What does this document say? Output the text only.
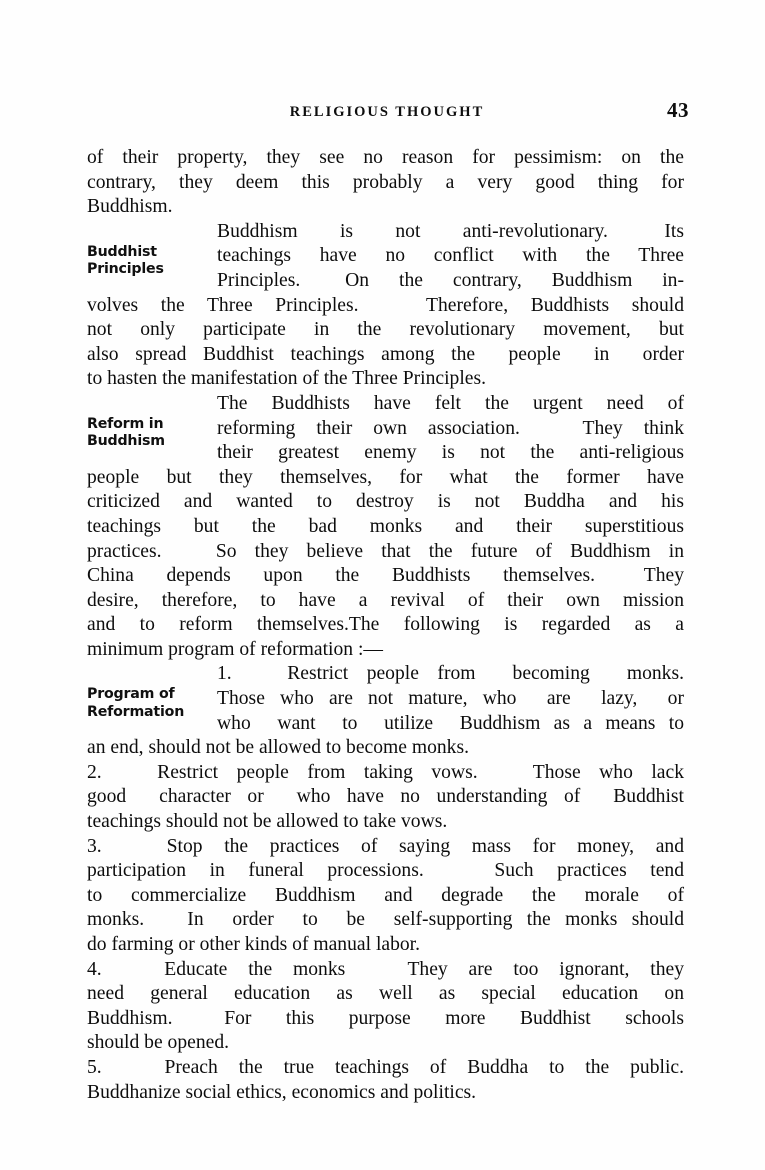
RELIGIOUS THOUGHT	43

of their property, they see no reason for pessimism: on the
contrary,  they  deem  this  probably  a  very  good  thing  for
Buddhism.

Buddhist
Principles
Buddhism   is   not   anti-revolutionary.    Its
teachings  have  no  conflict  with  the  Three
Principles.   On  the  contrary,  Buddhism  in-
volves the Three Principles.   Therefore, Buddhists should
not  only  participate  in  the  revolutionary  movement,  but
also spread Buddhist teachings among the  people  in  order
to hasten the manifestation of the Three Principles.
Reform in
Buddhism
The Buddhists have felt the urgent need of
reforming their own association.   They think
their greatest enemy is not the anti-religious
people  but  they  themselves,  for  what  the  former  have
criticized  and  wanted  to  destroy  is  not  Buddha  and  his
teachings  but  the  bad  monks  and  their  superstitious
practices.   So they believe that the future of Buddhism in
China  depends  upon  the  Buddhists  themselves.   They
desire,  therefore,  to  have  a  revival  of  their  own  mission
and  to  reform  themselves.The  following  is  regarded  as  a
minimum program of reformation :—
Program of
Reformation
1.   Restrict people from  becoming  monks.
Those who are not mature, who  are  lazy,  or
who  want  to  utilize  Buddhism as a means to
an end, should not be allowed to become monks.

2.   Restrict people from taking vows.   Those who lack
good  character or  who have no understanding of  Buddhist
teachings should not be allowed to take vows.

3.   Stop the practices of saying mass for money, and
participation in funeral processions.   Such practices tend
to  commercialize  Buddhism  and  degrade  the  morale  of
monks.   In  order  to  be  self-supporting the monks should
do farming or other kinds of manual labor.

4.   Educate the monks   They are too ignorant, they
need  general  education  as  well  as  special  education  on
Buddhism.   For  this  purpose  more  Buddhist  schools
should be opened.

5.   Preach the true teachings of Buddha to the public.
Buddhanize social ethics, economics and politics.
